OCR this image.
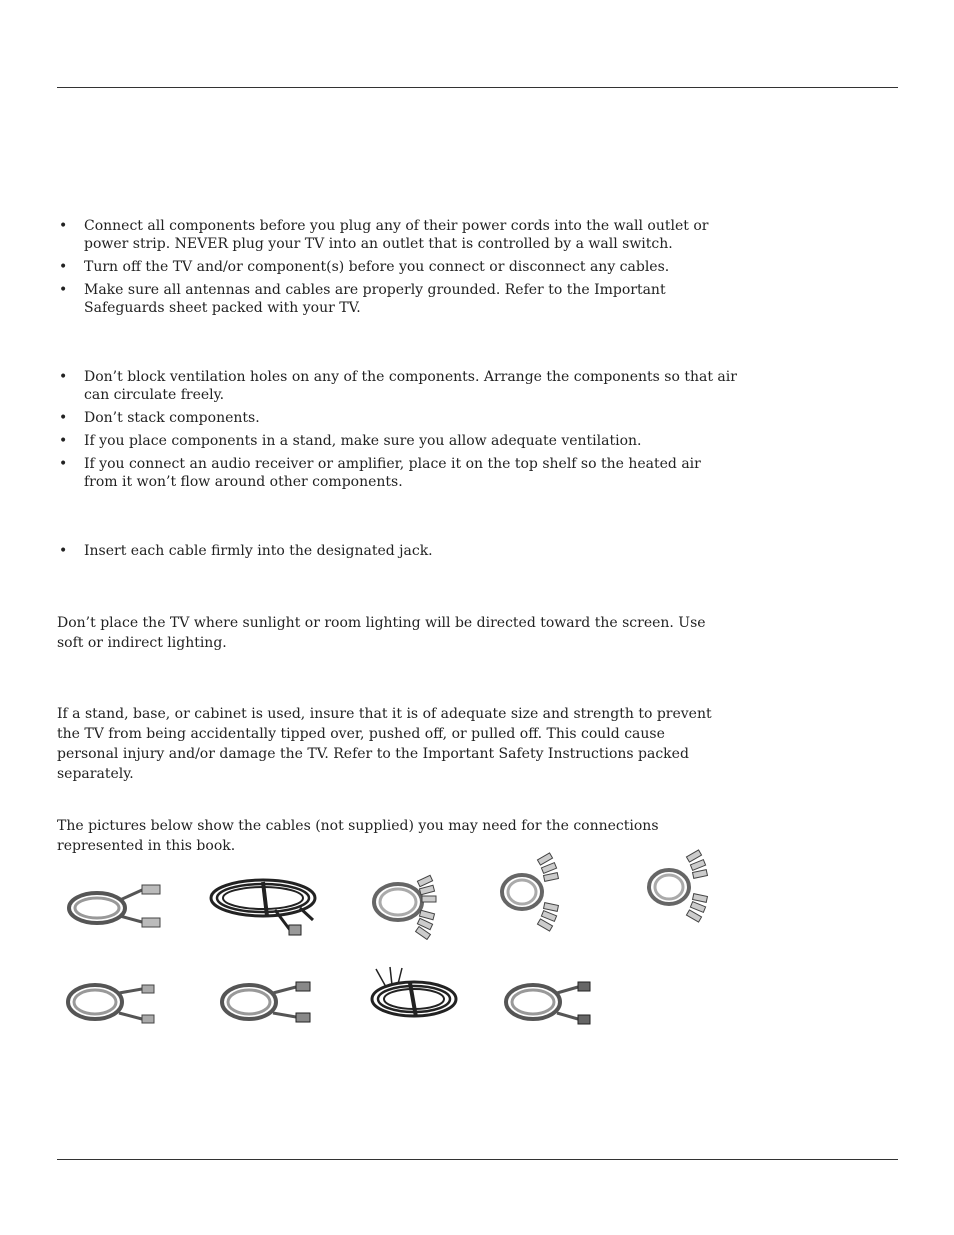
• Connect all components before you plug any of their power cords into the wall outlet or power strip. NEVER plug your TV into an outlet that is controlled by a wall switch.
• Turn off the TV and/or component(s) before you connect or disconnect any cables.
• Make sure all antennas and cables are properly grounded. Refer to the Important Safeguards sheet packed with your TV.
• Don’t block ventilation holes on any of the components. Arrange the components so that air can circulate freely.
• Don’t stack components.
• If you place components in a stand, make sure you allow adequate ventilation.
• If you connect an audio receiver or amplifier, place it on the top shelf so the heated air from it won’t flow around other components.
• Insert each cable firmly into the designated jack.

Don’t place the TV where sunlight or room lighting will be directed toward the screen. Use soft or indirect lighting.

If a stand, base, or cabinet is used, insure that it is of adequate size and strength to prevent the TV from being accidentally tipped over, pushed off, or pulled off. This could cause personal injury and/or damage the TV. Refer to the Important Safety Instructions packed separately.

The pictures below show the cables (not supplied) you may need for the connections represented in this book.
